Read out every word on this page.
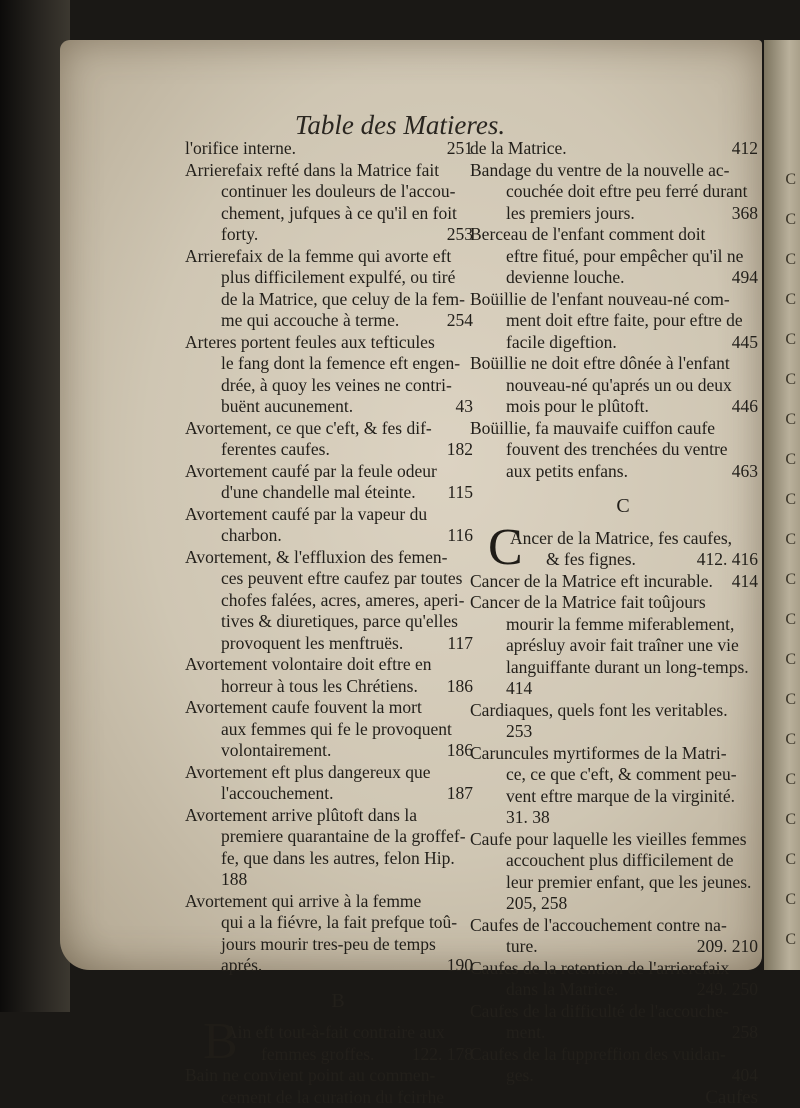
C
C
C
C
C
C
C
C
C
C
C
C
C
C
C
C
C
C
C
C
Table des Matieres.
l'orifice interne.	251
Arrierefaix refté dans la Matrice fait
continuer les douleurs de l'accou-
chement, jufques à ce qu'il en foit
forty.	253
Arrierefaix de la femme qui avorte eft
plus difficilement expulfé, ou tiré
de la Matrice, que celuy de la fem-
me qui accouche à terme.	254
Arteres portent feules aux tefticules
le fang dont la femence eft engen-
drée, à quoy les veines ne contri-
buënt aucunement.	43
Avortement, ce que c'eft, & fes dif-
ferentes caufes.	182
Avortement caufé par la feule odeur
d'une chandelle mal éteinte. 115
Avortement caufé par la vapeur du
charbon.	116
Avortement, & l'effluxion des femen-
ces peuvent eftre caufez par toutes
chofes falées, acres, ameres, aperi-
tives & diuretiques, parce qu'elles
provoquent les menftruës.	117
Avortement volontaire doit eftre en
horreur à tous les Chrétiens. 186
Avortement caufe fouvent la mort
aux femmes qui fe le provoquent
volontairement.	186
Avortement eft plus dangereux que
l'accouchement.	187
Avortement arrive plûtoft dans la
premiere quarantaine de la groffef-
fe, que dans les autres, felon Hip.
188
Avortement qui arrive à la femme
qui a la fiévre, la fait prefque toû-
jours mourir tres-peu de temps
aprés.	190
B
B
Ain eft tout-à-fait contraire aux
femmes groffes. 122. 178
Bain ne convient point au commen-
cement de la curation du fcirrhe
de la Matrice.	412
Bandage du ventre de la nouvelle ac-
couchée doit eftre peu ferré durant
les premiers jours.	368
Berceau de l'enfant comment doit
eftre fitué, pour empêcher qu'il ne
devienne louche.	494
Boüillie de l'enfant nouveau-né com-
ment doit eftre faite, pour eftre de
facile digeftion.	445
Boüillie ne doit eftre dônée à l'enfant
nouveau-né qu'aprés un ou deux
mois pour le plûtoft.	446
Boüillie, fa mauvaife cuiffon caufe
fouvent des trenchées du ventre
aux petits enfans.	463
C
C
Ancer de la Matrice, fes caufes,
& fes fignes.	412. 416
Cancer de la Matrice eft incurable. 414
Cancer de la Matrice fait toûjours
mourir la femme miferablement,
aprésluy avoir fait traîner une vie
languiffante durant un long-temps.
414
Cardiaques, quels font les veritables.
253
Caruncules myrtiformes de la Matri-
ce, ce que c'eft, & comment peu-
vent eftre marque de la virginité.
31. 38
Caufe pour laquelle les vieilles femmes
accouchent plus difficilement de
leur premier enfant, que les jeunes.
205, 258
Caufes de l'accouchement contre na-
ture.	209. 210
Caufes de la retention de l'arrierefaix
dans la Matrice.	249. 250
Caufes de la difficulté de l'accouche-
ment.	258
Caufes de la fuppreffion des vuidan-
ges.	404
Caufes
